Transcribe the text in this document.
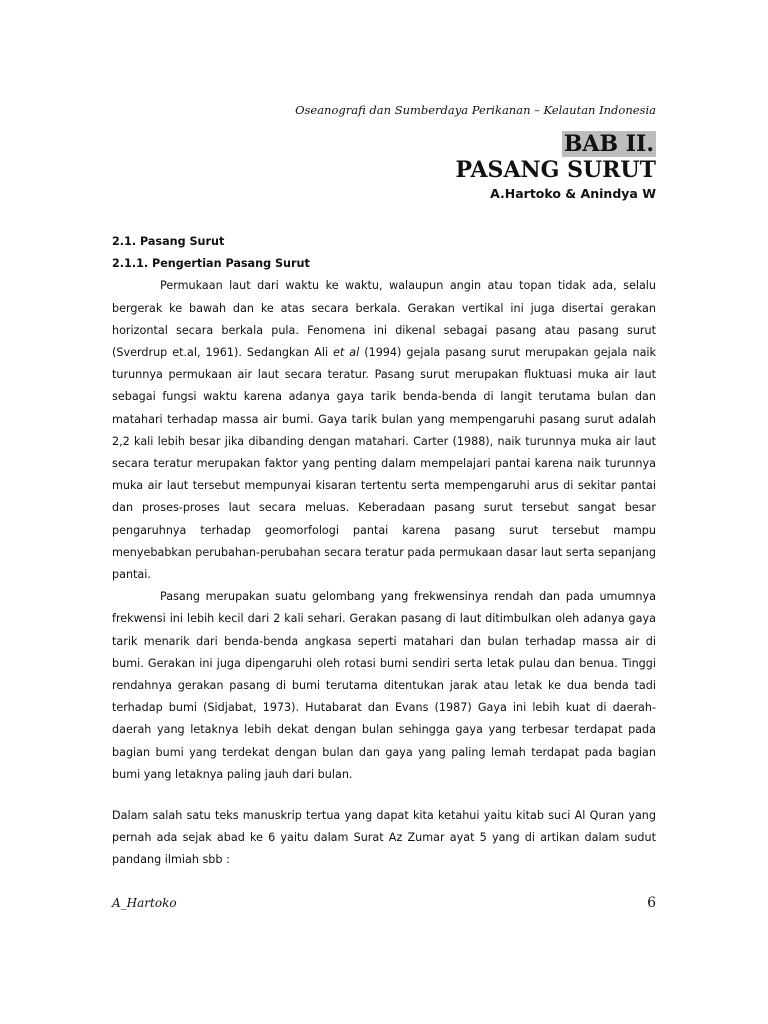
Oseanografi dan Sumberdaya Perikanan – Kelautan Indonesia
BAB II.
PASANG SURUT
A.Hartoko & Anindya W
2.1. Pasang Surut
2.1.1. Pengertian Pasang Surut

Permukaan laut dari waktu ke waktu, walaupun angin atau topan tidak ada, selalu bergerak ke bawah dan ke atas secara berkala. Gerakan vertikal ini juga disertai gerakan horizontal secara berkala pula. Fenomena ini dikenal sebagai pasang atau pasang surut (Sverdrup et.al, 1961). Sedangkan Ali et al (1994) gejala pasang surut merupakan gejala naik turunnya permukaan air laut secara teratur. Pasang surut merupakan fluktuasi muka air laut sebagai fungsi waktu karena adanya gaya tarik benda-benda di langit terutama bulan dan matahari terhadap massa air bumi. Gaya tarik bulan yang mempengaruhi pasang surut adalah 2,2 kali lebih besar jika dibanding dengan matahari. Carter (1988), naik turunnya muka air laut secara teratur merupakan faktor yang penting dalam mempelajari pantai karena naik turunnya muka air laut tersebut mempunyai kisaran tertentu serta mempengaruhi arus di sekitar pantai dan proses-proses laut secara meluas. Keberadaan pasang surut tersebut sangat besar pengaruhnya terhadap geomorfologi pantai karena pasang surut tersebut mampu menyebabkan perubahan-perubahan secara teratur pada permukaan dasar laut serta sepanjang pantai.

Pasang merupakan suatu gelombang yang frekwensinya rendah dan pada umumnya frekwensi ini lebih kecil dari 2 kali sehari. Gerakan pasang di laut ditimbulkan oleh adanya gaya tarik menarik dari benda-benda angkasa seperti matahari dan bulan terhadap massa air di bumi. Gerakan ini juga dipengaruhi oleh rotasi bumi sendiri serta letak pulau dan benua. Tinggi rendahnya gerakan pasang di bumi terutama ditentukan jarak atau letak ke dua benda tadi terhadap bumi (Sidjabat, 1973). Hutabarat dan Evans (1987) Gaya ini lebih kuat di daerah-daerah yang letaknya lebih dekat dengan bulan sehingga gaya yang terbesar terdapat pada bagian bumi yang terdekat dengan bulan dan gaya yang paling lemah terdapat pada bagian bumi yang letaknya paling jauh dari bulan.

Dalam salah satu teks manuskrip tertua yang dapat kita ketahui yaitu kitab suci Al Quran yang pernah ada sejak abad ke 6 yaitu dalam Surat Az Zumar ayat 5 yang di artikan dalam sudut pandang ilmiah sbb :

A_Hartoko	6
